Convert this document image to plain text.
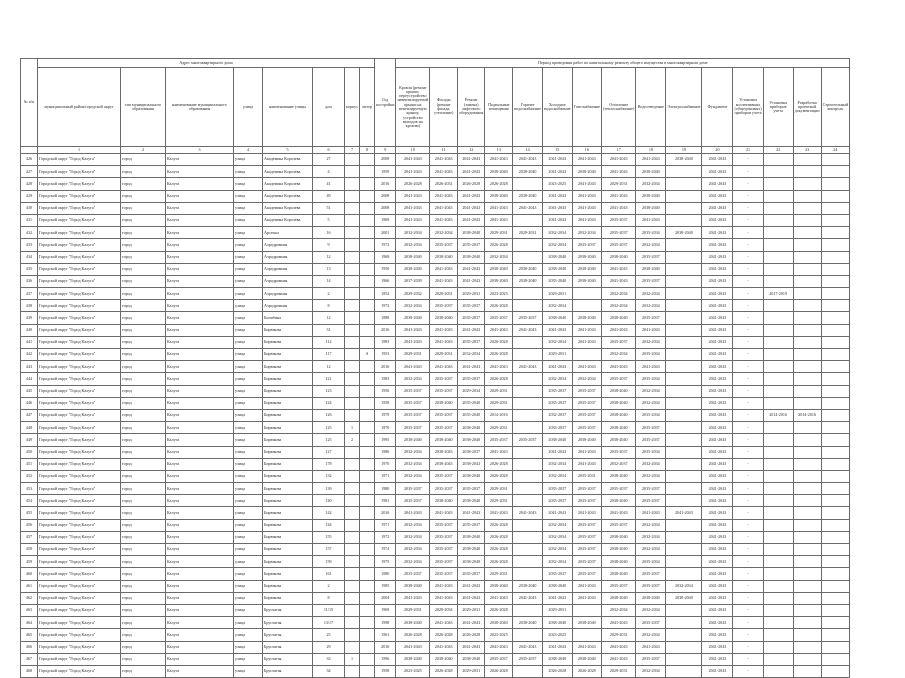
№ п/п	Адрес многоквартирного дома								Год постройки	Период проведения работ по капитальному ремонту общего имущества в многоквартирном доме														
	муниципальный район/городской округ	тип муниципального образования	наименование муниципального образования	улица	наименование улицы	дом	корпус	литер		Кровля (ремонт крыши, переустройство невентилируемой крыши на вентилируемую крышу, устройство выходов на кровлю)	Фасады (ремонт фасада, утепление)	Ремонт (замена) лифтового оборудования	Подвальные помещения	Горячее водоснабжение	Холодное водоснабжение	Газоснабжение	Отопление (теплоснабжение)	Водоотведение	Электроснабжение	Фундамент	Установка коллективных (общедомовых) приборов учета	Установка приборов учета	Разработка проектной документации	Строительный контроль
	1	2	3	4	5	6	7	8	9	10	11	12	13	14	15	16	17	18	19	20	21	22	23	24
426	Городской округ "Город Калуга"	город	Калуга	улица	Академика Королева	27			2008	2041-2043	2041-2043	2041-2043	2041-2043	2041-2043	2041-2043	2041-2043	2041-2043	2041-2043	2038-2040	2041-2043	-			
427	Городской округ "Город Калуга"	город	Калуга	улица	Академика Королева	4			1959	2041-2043	2041-2043	2041-2043	2038-2040	2038-2040	2041-2043	2038-2040	2041-2043	2038-2040		2041-2043	-			
428	Городской округ "Город Калуга"	город	Калуга	улица	Академика Королева	41			2016	2026-2028	2026-2031	2026-2028	2026-2028		2023-2025	2041-2043	2029-2031	2032-2034		2041-2043	-			
429	Городской округ "Город Калуга"	город	Калуга	улица	Академика Королева	49			2008	2041-2043	2041-2043	2041-2043	2038-2040	2038-2040	2041-2043	2041-2043	2041-2043	2038-2040		2041-2043	-			
430	Городской округ "Город Калуга"	город	Калуга	улица	Академика Королева	51			2008	2041-2043	2041-2043	2041-2043	2041-2043	2041-2043	2041-2043	2041-2043	2041-2043	2038-2040		2041-2043	-			
431	Городской округ "Город Калуга"	город	Калуга	улица	Академика Королева	5			1969	2041-2043	2041-2043	2041-2043	2041-2043		2041-2043	2041-2043	2035-2037	2041-2043		2041-2043	-			
432	Городской округ "Город Калуга"	город	Калуга	улица	Арсенал	16			2001	2032-2034	2032-2034	2038-2040	2029-2031	2029-2031	2032-2034	2032-2034	2035-2037	2035-2034	2038-2040	2041-2043	-			
433	Городской округ "Город Калуга"	город	Калуга	улица	Аэродромная	9			1972	2032-2034	2035-2037	2035-2037	2026-2028		2032-2034	2035-2037	2035-2037	2032-2034		2041-2043	-			
434	Городской округ "Город Калуга"	город	Калуга	улица	Аэродромная	12			1968	2038-2040	2038-2040	2038-2040	2032-2034		2038-2040	2038-2040	2038-2040	2035-2037		2041-2043	-			
435	Городской округ "Город Калуга"	город	Калуга	улица	Аэродромная	13			1950	2038-2040	2041-2043	2041-2043	2038-2040	2038-2040	2038-2040	2038-2040	2041-2043	2038-2040		2041-2043	-			
436	Городской округ "Город Калуга"	город	Калуга	улица	Аэродромная	14			1966	2037-2039	2041-2043	2041-2043	2038-2040	2038-2040	2035-2040	2038-2040	2041-2043	2035-2037		2041-2043	-			
437	Городской округ "Город Калуга"	город	Калуга	улица	Аэродромная	2			1952	2029-2032	2029-2031	2029-2031	2023-2025		2029-2031		2032-2034	2032-2034		2041-2043	-	2017-2019		
438	Городской округ "Город Калуга"	город	Калуга	улица	Аэродромная	8			1972	2032-2034	2035-2037	2035-2037	2026-2028		2032-2034		2032-2034	2032-2034		2041-2043	-			
439	Городской округ "Город Калуга"	город	Калуга	улица	Билибина	12			1988	2038-2040	2038-2040	2035-2037	2035-2037	2035-2037	2038-2040	2038-2040	2038-2040	2035-2037		2041-2043	-			
440	Городской округ "Город Калуга"	город	Калуга	улица	Бирюкова	31			2016	2041-2043	2041-2043	2041-2043	2041-2043	2041-2043	2041-2043	2041-2043	2041-2043	2041-2043		2041-2043	-			
441	Городской округ "Город Калуга"	город	Калуга	улица	Бирюкова	112			1983	2041-2043	2041-2043	2035-2037	2026-2028		2032-2034	2041-2043	2035-2037	2032-2034		2041-2043	-			
442	Городской округ "Город Калуга"	город	Калуга	улица	Бирюкова	117		А	1953	2029-2031	2029-2031	2032-2034	2026-2028		2029-2031		2032-2034	2035-2034		2041-2043	-			
443	Городской округ "Город Калуга"	город	Калуга	улица	Бирюкова	12			2016	2041-2043	2041-2043	2041-2043	2041-2043	2041-2043	2041-2043	2041-2043	2041-2043	2041-2043		2041-2043	-			
444	Городской округ "Город Калуга"	город	Калуга	улица	Бирюкова	121			1983	2032-2034	2035-2037	2035-2037	2026-2028		2032-2034	2032-2034	2035-2037	2035-2034		2041-2043	-			
445	Городской округ "Город Калуга"	город	Калуга	улица	Бирюкова	123			1956	2035-2037	2035-2037	2029-2034	2029-2031		2035-2037	2035-2037	2038-2040	2032-2034		2041-2043	-			
446	Городской округ "Город Калуга"	город	Калуга	улица	Бирюкова	124			1958	2035-2037	2038-2040	2035-2040	2029-2031		2035-2037	2035-2037	2038-2040	2032-2034		2041-2043	-			
447	Городской округ "Город Калуга"	город	Калуга	улица	Бирюкова	126			1979	2035-2037	2035-2037	2035-2040	2014-2016		2032-2037	2035-2037	2038-2040	2035-2034		2041-2043	-	2014-2016	2014-2016	
448	Городской округ "Город Калуга"	город	Калуга	улица	Бирюкова	125	1		1970	2035-2037	2035-2037	2038-2040	2029-2031		2035-2037	2035-2037	2038-2040	2035-2037		2041-2043	-			
449	Городской округ "Город Калуга"	город	Калуга	улица	Бирюкова	125	2		1995	2038-2040	2038-2040	2038-2040	2035-2037	2035-2037	2038-2040	2038-2040	2038-2040	2035-2037		2041-2043	-			
450	Городской округ "Город Калуга"	город	Калуга	улица	Бирюкова	127			1986	2032-2034	2038-2043	2038-2037	2041-2043		2041-2043	2041-2043	2035-2037	2035-2034		2041-2043	-			
451	Городской округ "Город Калуга"	город	Калуга	улица	Бирюкова	178			1970	2032-2034	2038-2043	2038-2043	2026-2028		2032-2034	2041-2043	2032-2037	2032-2034		2041-2043	-			
452	Городской округ "Город Калуга"	город	Калуга	улица	Бирюкова	132			1971	2032-2034	2035-2037	2038-2040	2026-2028		2032-2034	2035-2031	2038-2040	2032-2034		2041-2043	-			
453	Городской округ "Город Калуга"	город	Калуга	улица	Бирюкова	139			1980	2035-2037	2035-2037	2035-2037	2029-2031		2035-2037	2035-2037	2035-2037	2035-2037		2041-2043	-			
454	Городской округ "Город Калуга"	город	Калуга	улица	Бирюкова	140			1981	2035-2037	2038-2040	2038-2040	2029-2031		2035-2037	2035-2037	2038-2040	2035-2037		2041-2043	-			
455	Городской округ "Город Калуга"	город	Калуга	улица	Бирюкова	142			2016	2041-2043	2041-2043	2041-2043	2041-2043	2041-2043	2041-2043	2041-2043	2041-2043	2041-2043	2041-2043	2041-2043	-			
456	Городской округ "Город Калуга"	город	Калуга	улица	Бирюкова	144			1971	2032-2034	2035-2037	2035-2037	2026-2028		2032-2034	2035-2037	2035-2037	2032-2034		2041-2043	-			
457	Городской округ "Город Калуга"	город	Калуга	улица	Бирюкова	155			1972	2032-2034	2035-2037	2038-2040	2026-2028		2032-2034	2035-2037	2038-2040	2032-2034		2041-2043	-			
458	Городской округ "Город Калуга"	город	Калуга	улица	Бирюкова	157			1974	2032-2034	2035-2037	2038-2040	2026-2028		2032-2034	2035-2037	2038-2040	2032-2034		2041-2043	-			
459	Городской округ "Город Калуга"	город	Калуга	улица	Бирюкова	159			1975	2032-2034	2035-2037	2038-2040	2026-2028		2032-2034	2035-2037	2038-2040	2035-2034		2041-2043	-			
460	Городской округ "Город Калуга"	город	Калуга	улица	Бирюкова	161			1980	2035-2037	2035-2037	2035-2037	2029-2031		2035-2037	2035-2037	2038-2040	2035-2037		2041-2043	-			
461	Городской округ "Город Калуга"	город	Калуга	улица	Бирюкова	2			1985	2038-2040	2041-2043	2041-2043	2038-2040	2038-2040	2038-2040	2041-2043	2035-2037	2035-2037	2032-2034	2041-2043	-			
462	Городской округ "Город Калуга"	город	Калуга	улица	Бирюкова	8			2004	2041-2043	2041-2043	2041-2043	2041-2043	2041-2043	2041-2043	2041-2043	2038-2040	2038-2040	2038-2040	2041-2043	-			
463	Городской округ "Город Калуга"	город	Калуга	улица	Брусчатая	11/15			1969	2029-2031	2029-2034	2029-2031	2026-2028		2029-2031		2032-2034	2032-2034		2041-2043	-			
464	Городской округ "Город Калуга"	город	Калуга	улица	Брусчатая	13/17			1998	2038-2040	2041-2043	2041-2043	2038-2040	2038-2040	2038-2040	2038-2040	2041-2043	2035-2037		2041-2043	-			
465	Городской округ "Город Калуга"	город	Калуга	улица	Брусчатая	25			1961	2026-2028	2026-2028	2026-2028	2023-2025		2023-2025		2029-2031	2032-2034		2041-2043	-			
466	Городской округ "Город Калуга"	город	Калуга	улица	Брусчатая	29			2016	2041-2043	2041-2043	2041-2043	2041-2043	2041-2043	2041-2043	2041-2043	2041-2043	2041-2043		2041-2043	-			
467	Городской округ "Город Калуга"	город	Калуга	улица	Брусчатая	33	1		1996	2038-2040	2038-2040	2038-2040	2035-2037	2035-2037	2038-2040	2038-2040	2041-2043	2035-2037		2041-2043	-			
468	Городской округ "Город Калуга"	город	Калуга	улица	Брусчатая	34			1958	2023-2025	2026-2028	2029-2031	2026-2028		2026-2028	2026-2028	2029-2031	2032-2034		2041-2043	-			
